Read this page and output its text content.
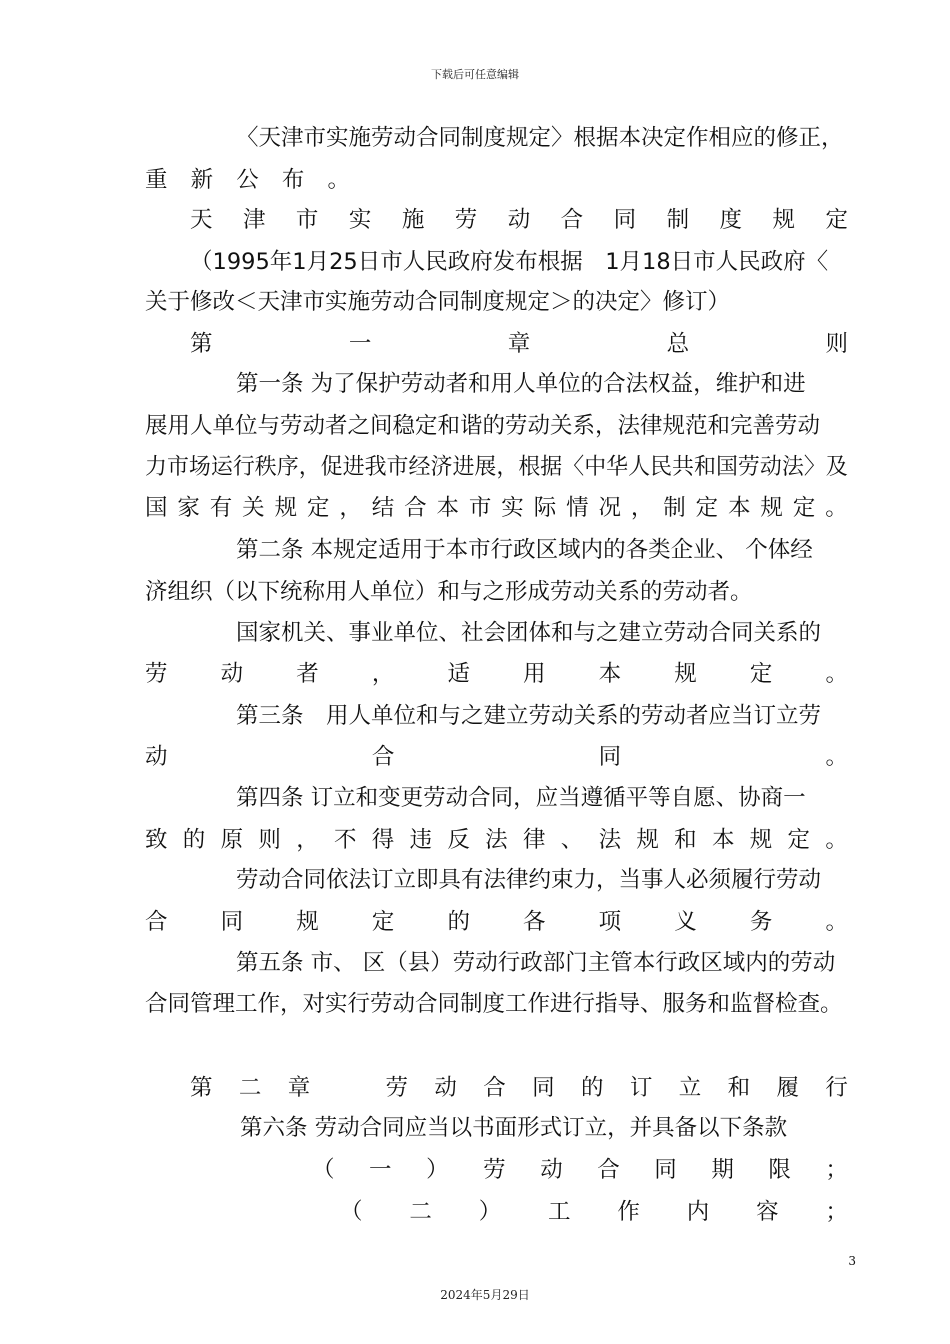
下载后可任意编辑
〈天津市实施劳动合同制度规定〉根据本决定作相应的修正，
重 新 公 布 。
天 津 市 实 施 劳 动 合 同 制 度 规 定
（1995年1月25日市人民政府发布根据　1月18日市人民政府〈
关于修改＜天津市实施劳动合同制度规定＞的决定〉修订）
第	一	章	总	则
第一条 为了保护劳动者和用人单位的合法权益，维护和进
展用人单位与劳动者之间稳定和谐的劳动关系，法律规范和完善劳动
力市场运行秩序，促进我市经济进展，根据〈中华人民共和国劳动法〉及
国 家 有 关 规 定 ， 结 合 本 市 实 际 情 况 ， 制 定 本 规 定 。
第二条 本规定适用于本市行政区域内的各类企业、 个体经
济组织（以下统称用人单位）和与之形成劳动关系的劳动者。
国家机关、事业单位、社会团体和与之建立劳动合同关系的
劳 动 者 ， 适 用 本 规 定 。
第三条　用人单位和与之建立劳动关系的劳动者应当订立劳
动	合	同	。
第四条 订立和变更劳动合同，应当遵循平等自愿、协商一
致 的 原 则 ， 不 得 违 反 法 律 、 法 规 和 本 规 定 。
劳动合同依法订立即具有法律约束力，当事人必须履行劳动
合 同 规 定 的 各 项 义 务 。
第五条 市、 区（县）劳动行政部门主管本行政区域内的劳动
合同管理工作，对实行劳动合同制度工作进行指导、服务和监督检查。
第 二 章
　	劳 动 合 同 的 订 立 和 履 行
第六条 劳动合同应当以书面形式订立，并具备以下条款
（ 一 ） 劳 动 合 同 期 限 ；
（ 二 ） 工 作 内 容 ；
3
2024年5月29日
